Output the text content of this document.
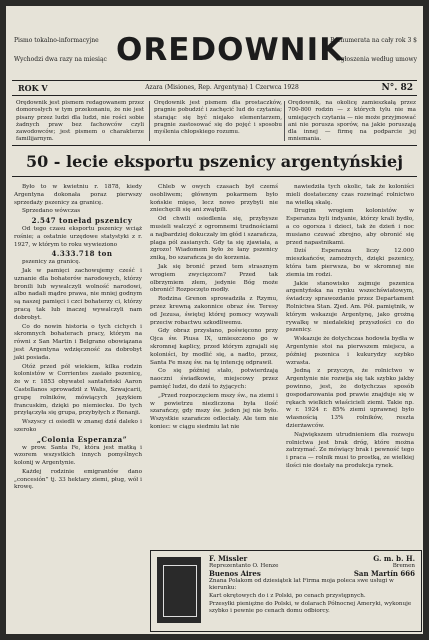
Pismo tokalno-informacyjne
Wychodzi dwa razy na miesiąc OREDOWNIK
Prenumerata na cały rok 3 $
Ogłoszenia według umowy
ROK V	Azara (Misiones, Rep. Argentyna) 1 Czerwca 1928	N°. 82
Orędownik jest pismem redagowanem przez domorosłych w tym przekonaniu, że nie jest pisany przez ludzi dla ludzi, nie rości sobie żadnych praw bez fachowców czyli zawodowców; jest pismem o charakterze familijarnym.
Orędownik jest pismem dla prostaczków, pragnie pobudzić i zachęcić lud do czytania; starając się być niejako elementarzem, pragnie zastosować się do pojęć i sposobu myślenia chłopskiego rozumu.
Orędownik, na okolicę zamieszkałą przez 700-800 rodzin — z których tylu nie ma umiejących czytania — nie może przyjmować ani nie porusza sporów, na jakie poruszają dla innej — firmę na podparcie jej mniemania.
50 - lecie eksportu pszenicy argentyńskiej

Było to w kwietniu r. 1878, kiedy Argentyna dokonała poraz pierwszy sprzedaży pszenicy za granicę.

Sprzedano wówczas

2.547 toneład pszenicy

Od tego czasu eksportu pszenicy wciąż rośnie; a ostatnie urzędowe statystyki z r. 1927, w którym to roku wywieziono

4.333.718 ton

pszenicy za granicę.

Jak w pamięci zachowujemy cześć i uznanie dla bohaterów narodowych, którzy bronili lub wywalczyli wolność narodowi, albo nadali mądre prawa, nie mniej godnym są naszej pamięci i czci bohaterzy ci, którzy pracą tak lub inaczej wywalczyli nam dobrobyt.

Co do nowin historia o tych cichych i skromnych bohaterach pracy, którym na równi z San Martin i Belgrano obowiązana jest Argentyna wdzięczność za dobrobyt jaki posiada.

Otóż przed pół wiekiem, kilka rodzin kolonistów w Corrientes zasiało pszenicę, że w r. 1853 obywatel santafeński Aaron Castellanos sprowadził z Walis, Szwajcarii, grupę rolników, mówiących językiem francuskim, dzięki po niemiecku. Do tych przyłączyła się grupa, przybyłych z Renanji.

Wszyscy ci osiedli w znanej dziś daleko i szeroko

„Colonia Esperanza”

w prow. Santa Fe, która jest matką i wzorem wszystkich innych pomyślnych kolonij w Argentynie.

Każdej rodzinie emigrantów dano „concesión” tj. 33 hektary ziemi, pług, wół i krowę.

Chleb w owych czasach był czemś osobliwem; głównym pokarmem było końskie mięso, lecz nowo przybyli nie zniechęcili się ani zwątpili.

Od chwili osiedlenia się, przybysze musieli walczyć z ogromnemi trudnościami a najbardziej dokuczały im głód i szarańcza, plaga pól zasianych. Gdy ta się zjawiała, a zgrozo! Wiadomem było że łany pszenicy zniką, bo szarańcza je do korzenia.

Jak się bronić przed tem strasznym wrogiem zwycięzcom? Przed tak olbrzymiem złem, jedynie Bóg może obronić! Rozpoczęto modły.

Rodzina Grenon sprowadziła z Rzymu, przez krewną zakonnice obraz św. Teresy od Jezusa, świętej której pomocy wzywali przeciw robactwu szkodliwemu.

Gdy obraz przysłano, poświęcono przy Ojca św. Piusa IX, umieszczono go w skromnej kaplicy, przed którym zgrajali się koloniści, by modlić się, a nadto, przez, Santa Fe mszę św. na tę intencję odprawił.

Co się później stało, potwierdzają naoczni świadkowie, miejscowy przez pamięć ludzi, do dziś to żyjących:

„Przed rozpoczęciem mszy św., na ziemi i w powietrzu niezliczona była ilość szarańczy, gdy mszy św. jeden jej nie było. Wszystkie szarańcze odleciały. Ale tem nie koniec: w ciągu siedmiu lat nie

nawiedziła tych okolic, tak że koloniści mieli dostateczny czas rozwinąć rolnictwo na wielką skalę.

Drugim wrogiem kolonistów w Esperanza byli indyanie, którzy krali bydło, a co ogorsza i dzieci, tak że dzień i noc musiano czuwać zbrojno, aby obronić się przed napastnikami.

Dziś Esperanza liczy 12.000 mieszkańców, zamożnych, dzięki pszenicy, która tam pierwsza, bo w skromnej nie ziemia im rodzi.

Jakie stanowisko zajmuje pszenica argentyńska na rynku wszechświatowym, świadczy sprawozdanie przez Departament Rolnictwa Stan. Zjed. Am. Pół. pamiętnik, w którym wskazuje Argentynę, jako grożną rywalkę w niedalekiej przyszłości co do pszenicy.

Wskazuje że dotychczas hodowla bydła w Argentynie stoi na pierwszem miejscu, a później pszenica i kukurydzy szybko wzrasta.

Jedną z przyczyn, że rolnictwo w Argentynie nie rozwija się tak szybko jakby powinno, jest, że dotychczas sposób gospodarowania pod prawie znajduje się w rękach wielkich właścicieli ziemi. Takie np. w r. 1924 r. 85% ziemi uprawnej było własnością 13% rolników, reszta dzierżawców.

Największem utrudnieniem dla rozwoju rolnictwa jest brak dróg, które można zatrzymać. Ze mówiący brak i pewność tego i praca — rolnik musi to prostką, ze wielkiej ilości nie dostały na produkcja rynek.

F. Missler	G. m. b. H.
Reprezentanto O. Henze	Bremen
Buenos Aires	San Martín 666
Znana Polakom od dziesiątek lat Firma moja poleca swe usługi w kierunku:
Kart okrętowych do i z Polski, po cenach przystępnych.
Przesyłki pieniężne do Polski, w dolarach Północnej Ameryki, wykonuje szybko i pewnie po cenach domu odbiorcy.
